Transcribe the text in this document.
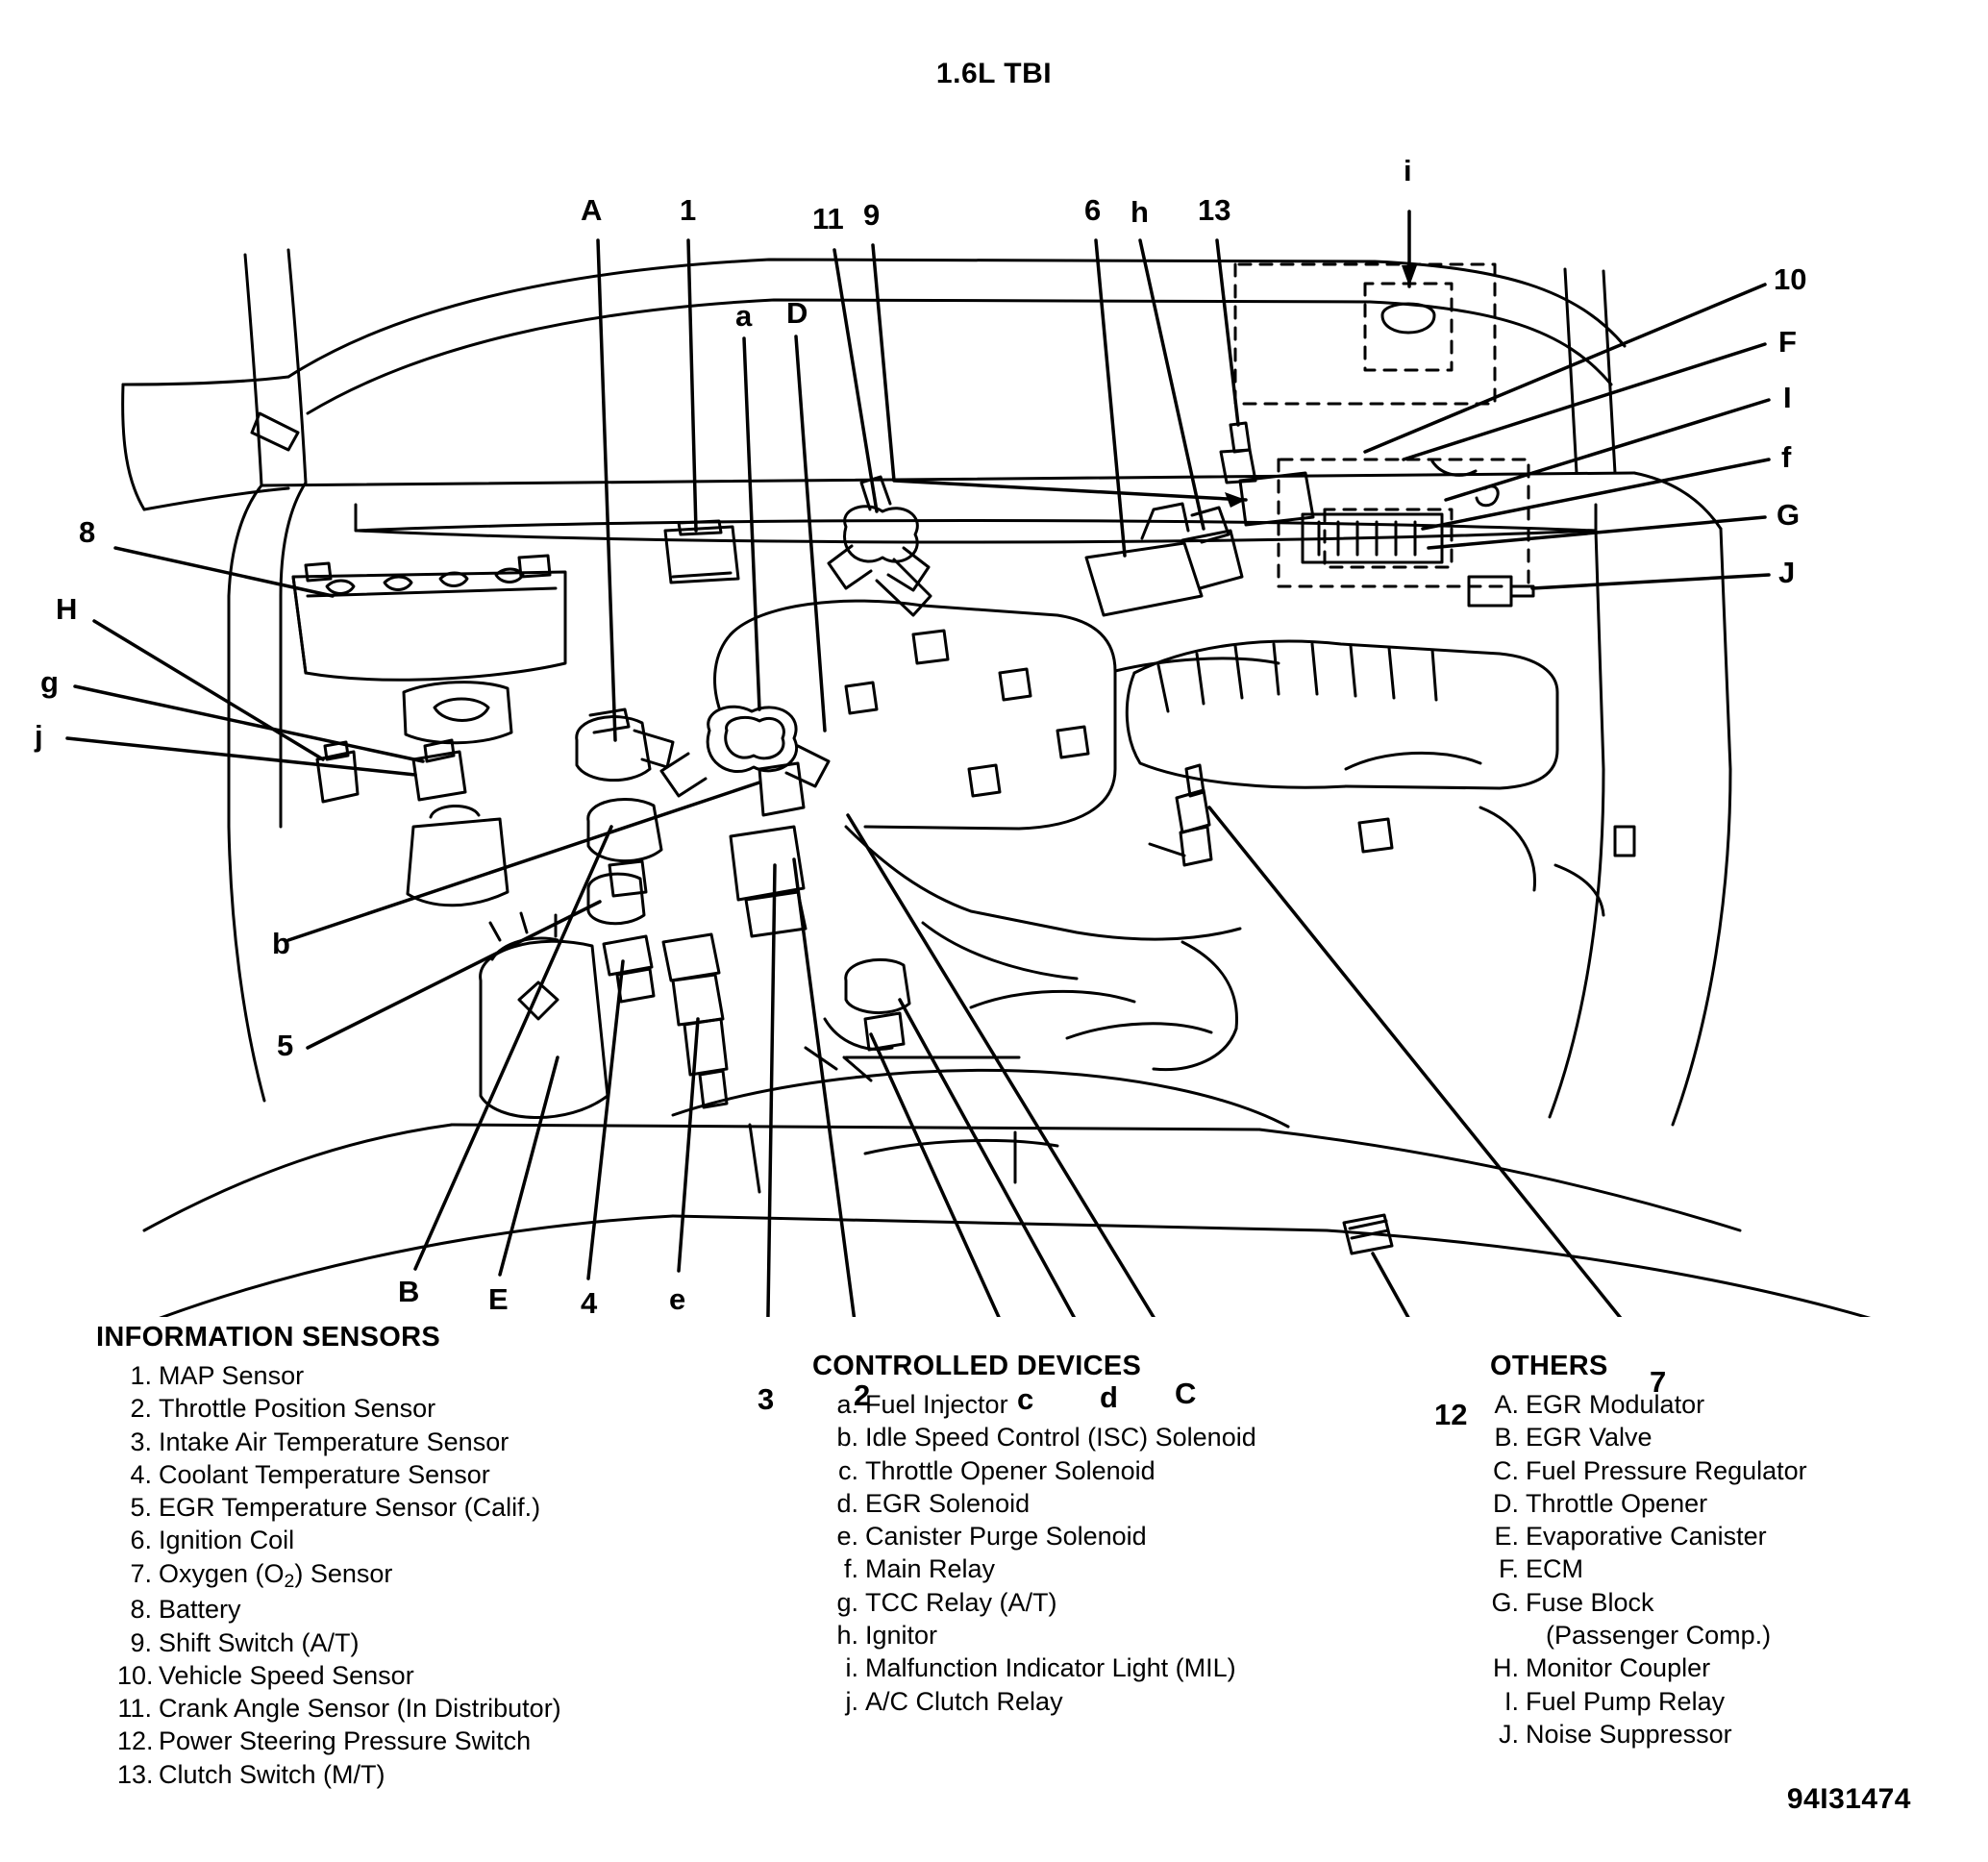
1.6L TBI
A	1	11 9	6 h 13
i
a D
10
F
I
f
G
J
8
H
g
j
b
5
B E 4 e
3	2	c d C
12
7
INFORMATION SENSORS
1. MAP Sensor
2. Throttle Position Sensor
3. Intake Air Temperature Sensor
4. Coolant Temperature Sensor
5. EGR Temperature Sensor (Calif.)
6. Ignition Coil
7. Oxygen (O2) Sensor
8. Battery
9. Shift Switch (A/T)
10. Vehicle Speed Sensor
11. Crank Angle Sensor (In Distributor)
12. Power Steering Pressure Switch
13. Clutch Switch (M/T)
CONTROLLED DEVICES
a. Fuel Injector
b. Idle Speed Control (ISC) Solenoid
c. Throttle Opener Solenoid
d. EGR Solenoid
e. Canister Purge Solenoid
f. Main Relay
g. TCC Relay (A/T)
h. Ignitor
i. Malfunction Indicator Light (MIL)
j. A/C Clutch Relay
OTHERS
A. EGR Modulator
B. EGR Valve
C. Fuel Pressure Regulator
D. Throttle Opener
E. Evaporative Canister
F. ECM
G. Fuse Block
(Passenger Comp.)
H. Monitor Coupler
I. Fuel Pump Relay
J. Noise Suppressor
94I31474
